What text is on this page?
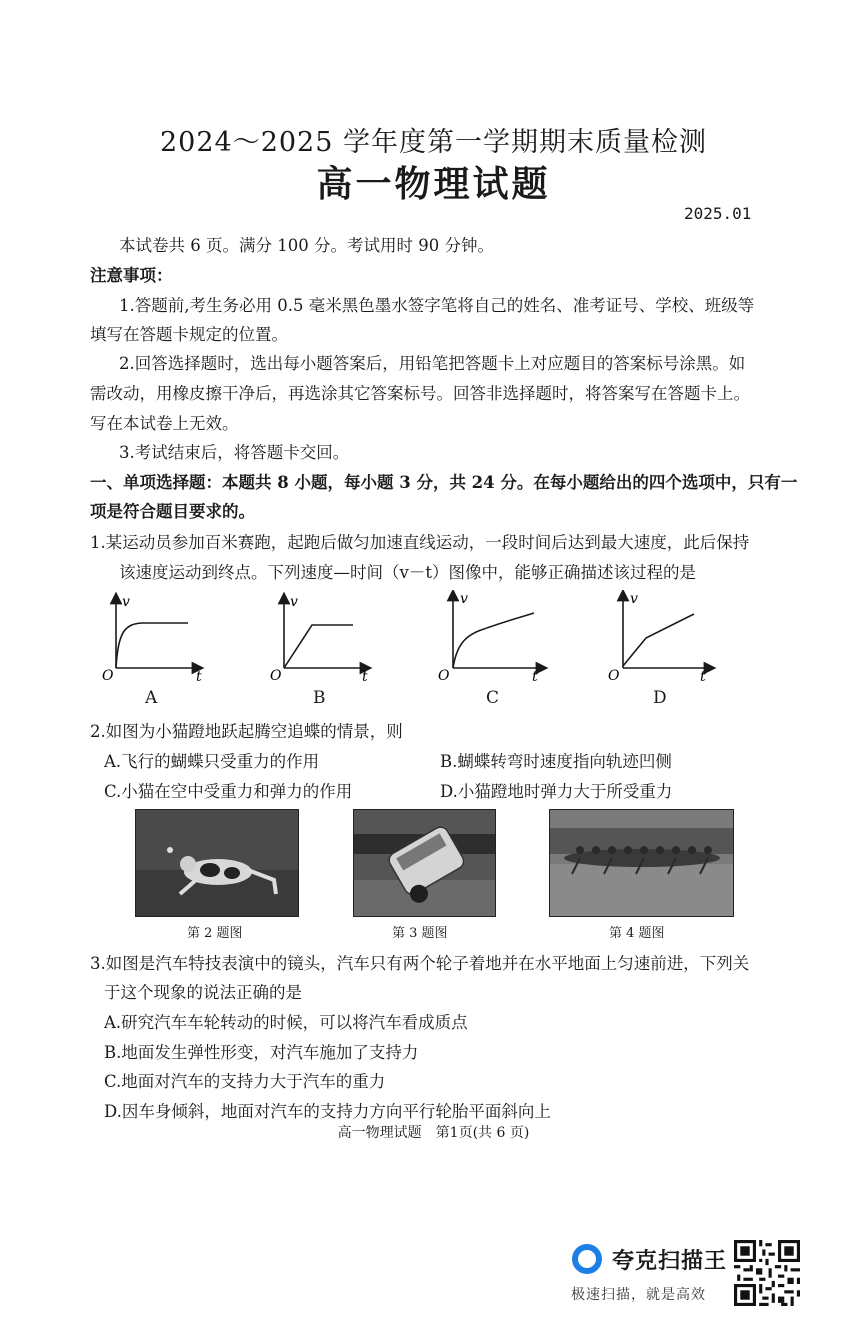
2024～2025 学年度第一学期期末质量检测
高一物理试题
2025.01
本试卷共 6 页。满分 100 分。考试用时 90 分钟。
注意事项：
1.答题前,考生务必用 0.5 毫米黑色墨水签字笔将自己的姓名、准考证号、学校、班级等
填写在答题卡规定的位置。
2.回答选择题时，选出每小题答案后，用铅笔把答题卡上对应题目的答案标号涂黑。如
需改动，用橡皮擦干净后，再选涂其它答案标号。回答非选择题时，将答案写在答题卡上。
写在本试卷上无效。
3.考试结束后，将答题卡交回。
一、单项选择题：本题共 8 小题，每小题 3 分，共 24 分。在每小题给出的四个选项中，只有一
项是符合题目要求的。
1.某运动员参加百米赛跑，起跑后做匀加速直线运动，一段时间后达到最大速度，此后保持
该速度运动到终点。下列速度—时间（v－t）图像中，能够正确描述该过程的是
v
O	t
v
O	t
v
O	t
v
O	t
A	B	C	D
2.如图为小猫蹬地跃起腾空追蝶的情景，则
A.飞行的蝴蝶只受重力的作用	B.蝴蝶转弯时速度指向轨迹凹侧
C.小猫在空中受重力和弹力的作用	D.小猫蹬地时弹力大于所受重力
第 2 题图	第 3 题图	第 4 题图
3.如图是汽车特技表演中的镜头，汽车只有两个轮子着地并在水平地面上匀速前进，下列关
于这个现象的说法正确的是
A.研究汽车车轮转动的时候，可以将汽车看成质点
B.地面发生弹性形变，对汽车施加了支持力
C.地面对汽车的支持力大于汽车的重力
D.因车身倾斜，地面对汽车的支持力方向平行轮胎平面斜向上
高一物理试题　第1页(共 6 页)
夸克扫描王
极速扫描，就是高效
